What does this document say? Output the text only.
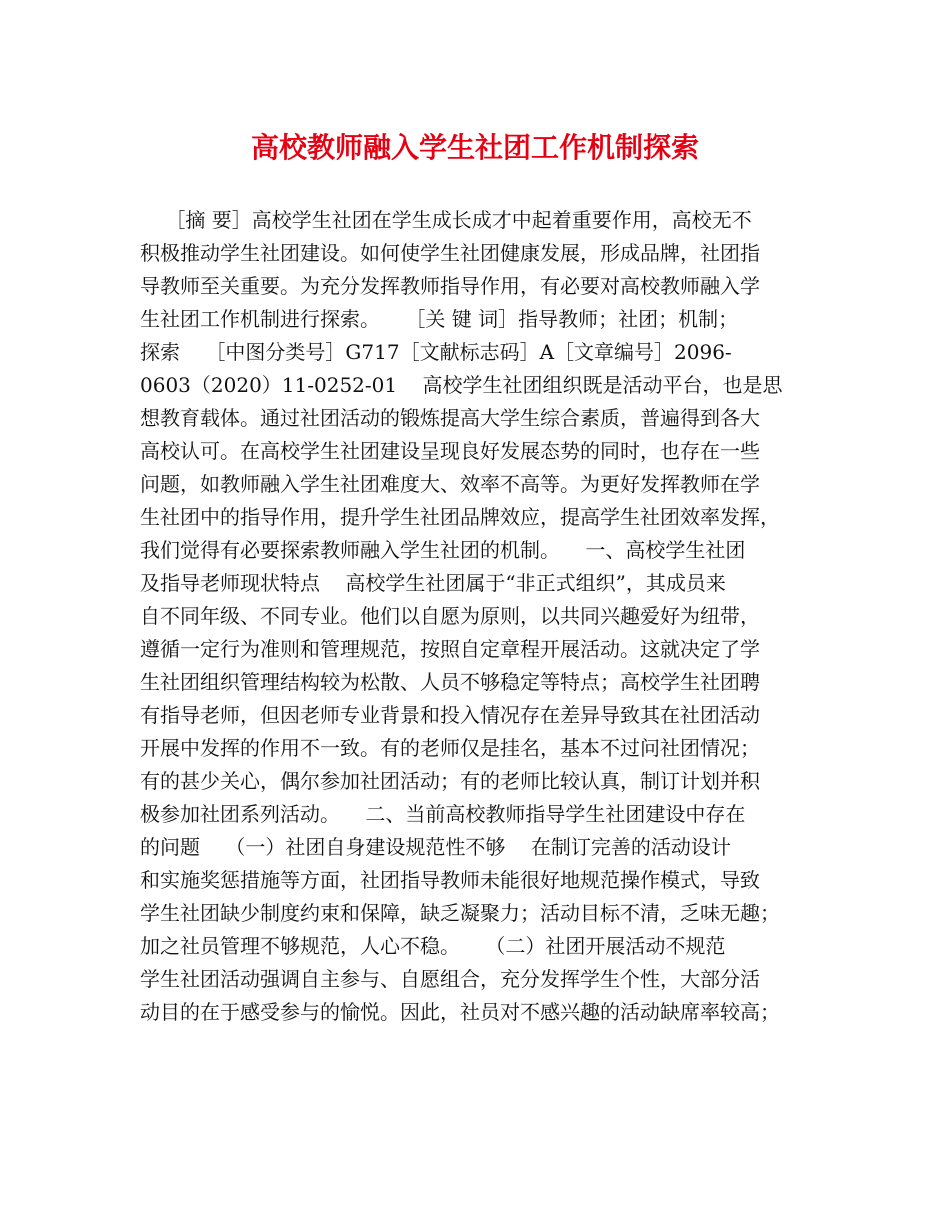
高校教师融入学生社团工作机制探索
［摘 要］高校学生社团在学生成长成才中起着重要作用，高校无不
积极推动学生社团建设。如何使学生社团健康发展，形成品牌，社团指
导教师至关重要。为充分发挥教师指导作用，有必要对高校教师融入学
生社团工作机制进行探索。    ［关 键 词］指导教师；社团；机制；
探索    ［中图分类号］G717［文献标志码］A［文章编号］2096-
0603（2020）11-0252-01    高校学生社团组织既是活动平台，也是思
想教育载体。通过社团活动的锻炼提高大学生综合素质，普遍得到各大
高校认可。在高校学生社团建设呈现良好发展态势的同时，也存在一些
问题，如教师融入学生社团难度大、效率不高等。为更好发挥教师在学
生社团中的指导作用，提升学生社团品牌效应，提高学生社团效率发挥，
我们觉得有必要探索教师融入学生社团的机制。    一、高校学生社团
及指导老师现状特点    高校学生社团属于“非正式组织”，其成员来
自不同年级、不同专业。他们以自愿为原则，以共同兴趣爱好为纽带，
遵循一定行为准则和管理规范，按照自定章程开展活动。这就决定了学
生社团组织管理结构较为松散、人员不够稳定等特点；高校学生社团聘
有指导老师，但因老师专业背景和投入情况存在差异导致其在社团活动
开展中发挥的作用不一致。有的老师仅是挂名，基本不过问社团情况；
有的甚少关心，偶尔参加社团活动；有的老师比较认真，制订计划并积
极参加社团系列活动。    二、当前高校教师指导学生社团建设中存在
的问题    （一）社团自身建设规范性不够    在制订完善的活动设计
和实施奖惩措施等方面，社团指导教师未能很好地规范操作模式，导致
学生社团缺少制度约束和保障，缺乏凝聚力；活动目标不清，乏味无趣；
加之社员管理不够规范，人心不稳。    （二）社团开展活动不规范
学生社团活动强调自主参与、自愿组合，充分发挥学生个性，大部分活
动目的在于感受参与的愉悦。因此，社员对不感兴趣的活动缺席率较高；
